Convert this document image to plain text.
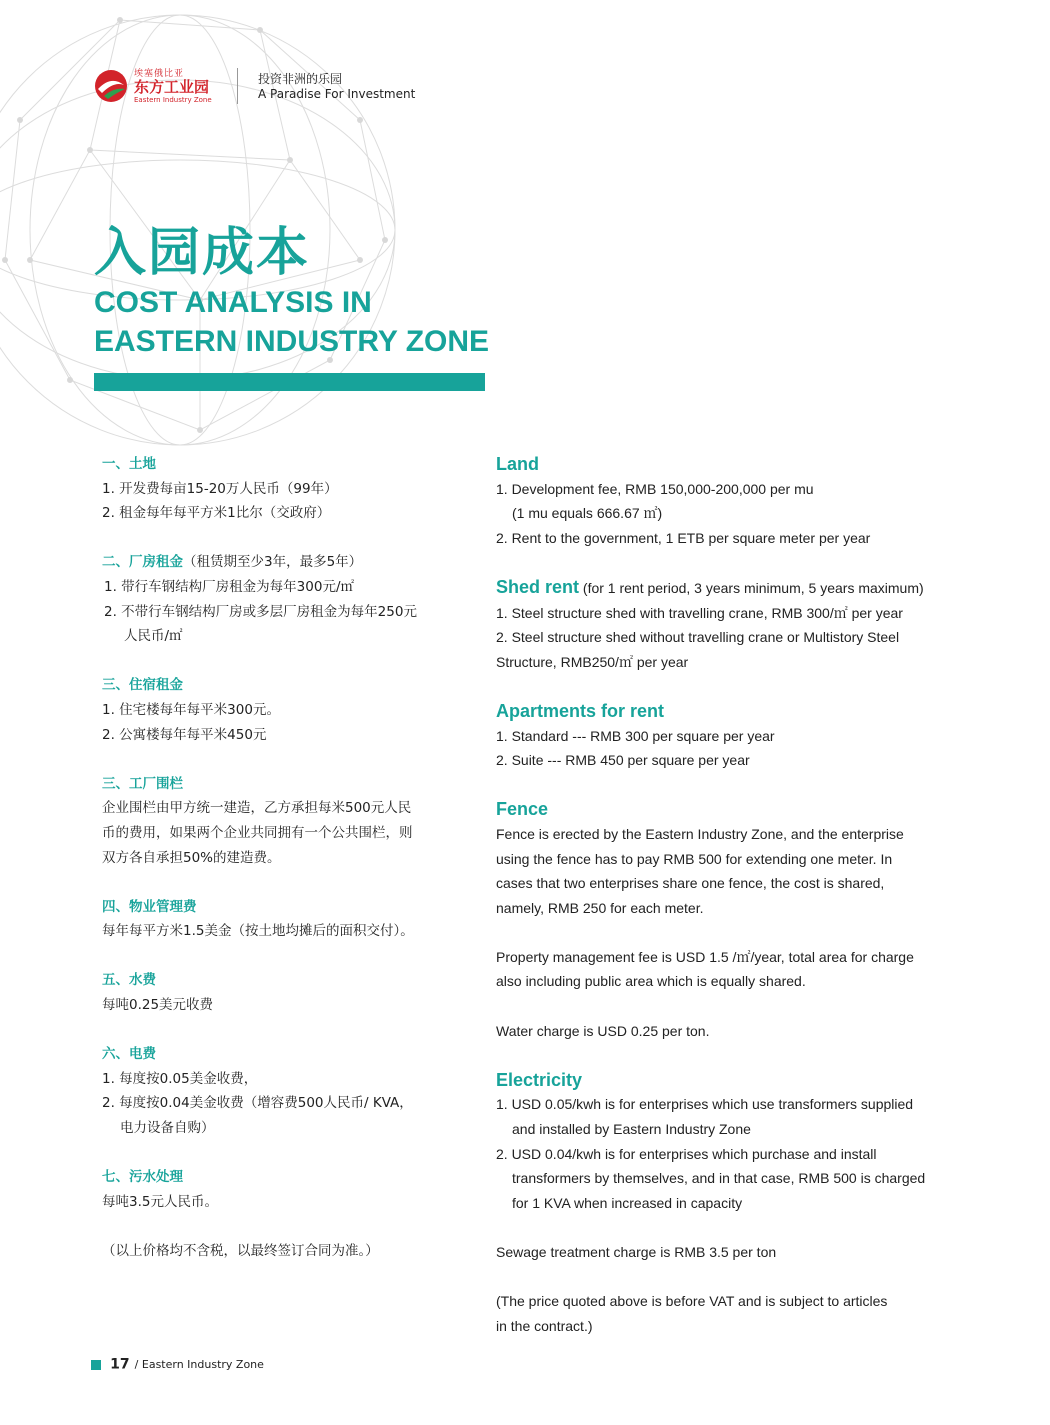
埃塞俄比亚
东方工业园
Eastern Industry Zone
投资非洲的乐园
A Paradise For Investment
入园成本
COST ANALYSIS IN
EASTERN INDUSTRY ZONE
一、土地
1. 开发费每亩15-20万人民币（99年）
2. 租金每年每平方米1比尔（交政府）
二、厂房租金（租赁期至少3年，最多5年）
1. 带行车钢结构厂房租金为每年300元/㎡
2. 不带行车钢结构厂房或多层厂房租金为每年250元
人民币/㎡
三、住宿租金
1. 住宅楼每年每平米300元。
2. 公寓楼每年每平米450元
三、工厂围栏
企业围栏由甲方统一建造，乙方承担每米500元人民
币的费用，如果两个企业共同拥有一个公共围栏，则
双方各自承担50%的建造费。
四、物业管理费
每年每平方米1.5美金（按土地均摊后的面积交付）。
五、水费
每吨0.25美元收费
六、电费
1. 每度按0.05美金收费，
2. 每度按0.04美金收费（增容费500人民币/ KVA，
电力设备自购）
七、污水处理
每吨3.5元人民币。
（以上价格均不含税，以最终签订合同为准。）
Land
1. Development fee, RMB 150,000-200,000 per mu
(1 mu equals 666.67 ㎡)
2. Rent to the government, 1 ETB per square meter per year
Shed rent (for 1 rent period, 3 years minimum, 5 years maximum)
1. Steel structure shed with travelling crane, RMB 300/㎡ per year
2. Steel structure shed without travelling crane or Multistory Steel
Structure, RMB250/㎡ per year
Apartments for rent
1. Standard --- RMB 300 per square per year
2. Suite --- RMB 450 per square per year
Fence
Fence is erected by the Eastern Industry Zone, and the enterprise
using the fence has to pay RMB 500 for extending one meter. In
cases that two enterprises share one fence, the cost is shared,
namely, RMB 250 for each meter.
Property management fee is USD 1.5 /㎡/year, total area for charge
also including public area which is equally shared.
Water charge is USD 0.25 per ton.
Electricity
1. USD 0.05/kwh is for enterprises which use transformers supplied
and installed by Eastern Industry Zone
2. USD 0.04/kwh is for enterprises which purchase and install
transformers by themselves, and in that case, RMB 500 is charged
for 1 KVA when increased in capacity
Sewage treatment charge is RMB 3.5 per ton
(The price quoted above is before VAT and is subject to articles
in the contract.)
17 / Eastern Industry Zone
